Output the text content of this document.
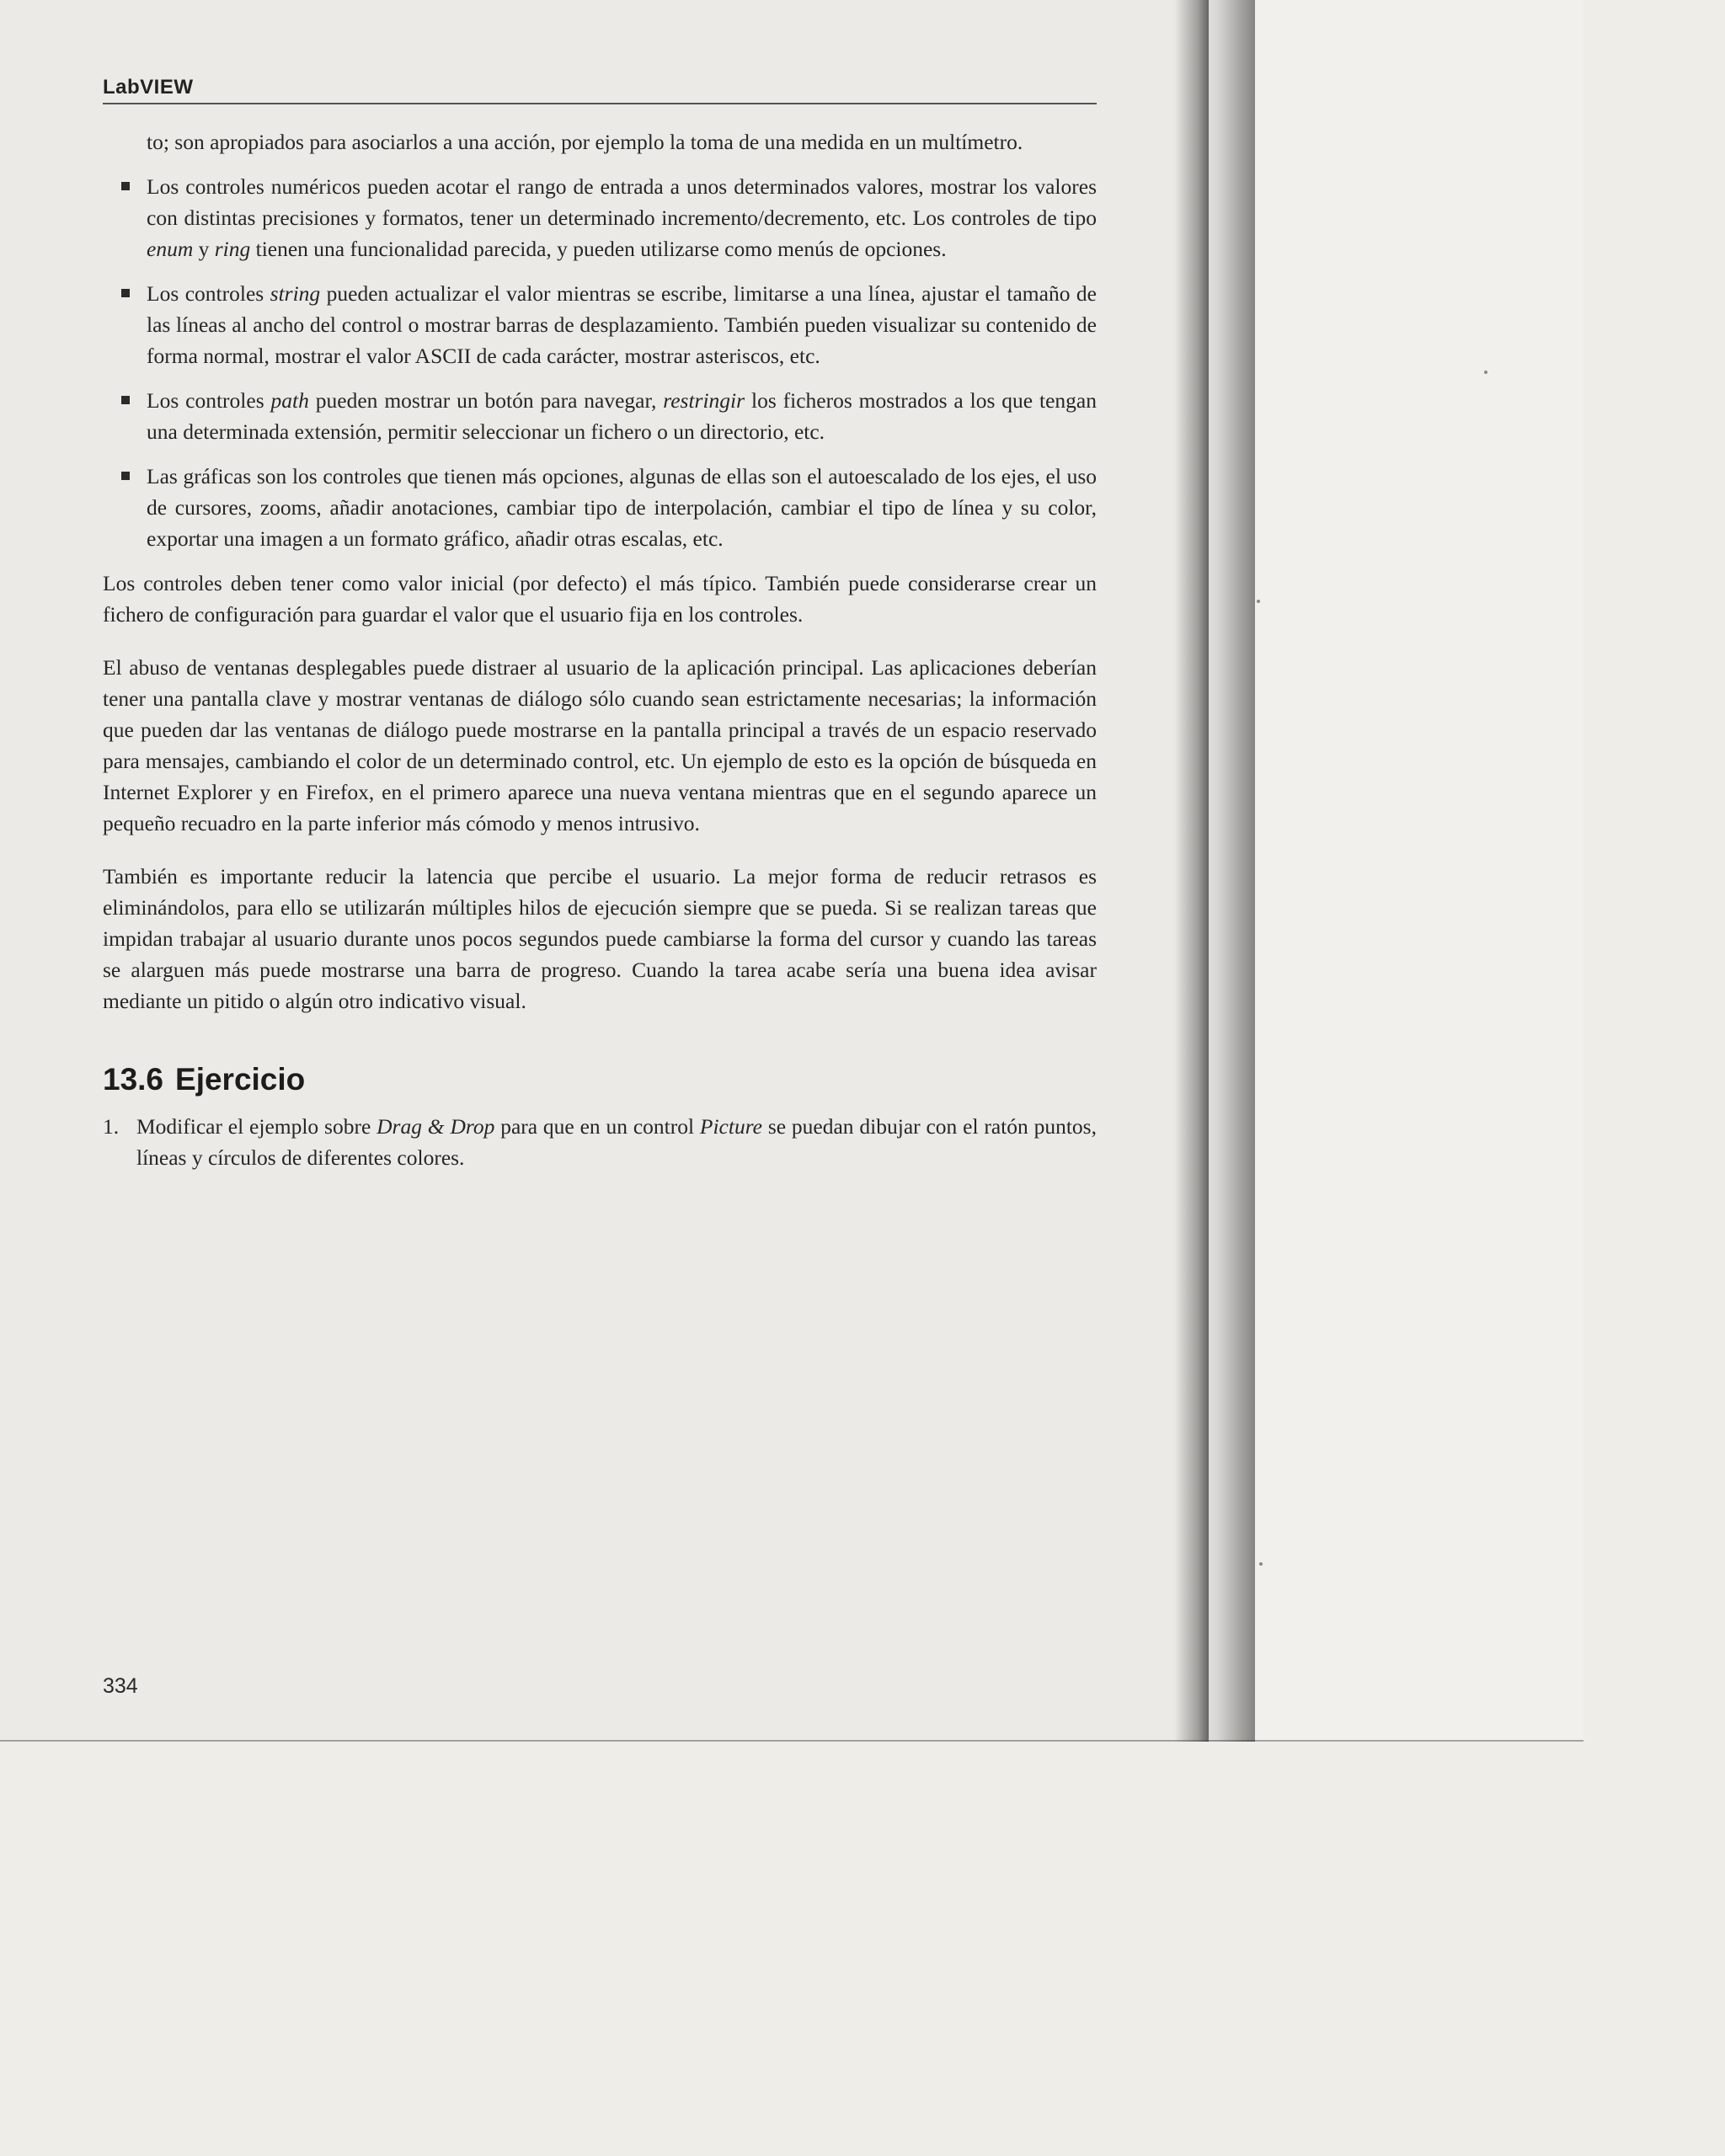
LabVIEW

to; son apropiados para asociarlos a una acción, por ejemplo la toma de una medida en un multímetro.

Los controles numéricos pueden acotar el rango de entrada a unos determinados valores, mostrar los valores con distintas precisiones y formatos, tener un determinado incremento/decremento, etc. Los controles de tipo enum y ring tienen una funcionalidad parecida, y pueden utilizarse como menús de opciones.
Los controles string pueden actualizar el valor mientras se escribe, limitarse a una línea, ajustar el tamaño de las líneas al ancho del control o mostrar barras de desplazamiento. También pueden visualizar su contenido de forma normal, mostrar el valor ASCII de cada carácter, mostrar asteriscos, etc.
Los controles path pueden mostrar un botón para navegar, restringir los ficheros mostrados a los que tengan una determinada extensión, permitir seleccionar un fichero o un directorio, etc.
Las gráficas son los controles que tienen más opciones, algunas de ellas son el autoescalado de los ejes, el uso de cursores, zooms, añadir anotaciones, cambiar tipo de interpolación, cambiar el tipo de línea y su color, exportar una imagen a un formato gráfico, añadir otras escalas, etc.

Los controles deben tener como valor inicial (por defecto) el más típico. También puede considerarse crear un fichero de configuración para guardar el valor que el usuario fija en los controles.

El abuso de ventanas desplegables puede distraer al usuario de la aplicación principal. Las aplicaciones deberían tener una pantalla clave y mostrar ventanas de diálogo sólo cuando sean estrictamente necesarias; la información que pueden dar las ventanas de diálogo puede mostrarse en la pantalla principal a través de un espacio reservado para mensajes, cambiando el color de un determinado control, etc. Un ejemplo de esto es la opción de búsqueda en Internet Explorer y en Firefox, en el primero aparece una nueva ventana mientras que en el segundo aparece un pequeño recuadro en la parte inferior más cómodo y menos intrusivo.

También es importante reducir la latencia que percibe el usuario. La mejor forma de reducir retrasos es eliminándolos, para ello se utilizarán múltiples hilos de ejecución siempre que se pueda. Si se realizan tareas que impidan trabajar al usuario durante unos pocos segundos puede cambiarse la forma del cursor y cuando las tareas se alarguen más puede mostrarse una barra de progreso. Cuando la tarea acabe sería una buena idea avisar mediante un pitido o algún otro indicativo visual.

13.6 Ejercicio
1. Modificar el ejemplo sobre Drag & Drop para que en un control Picture se puedan dibujar con el ratón puntos, líneas y círculos de diferentes colores.
334
